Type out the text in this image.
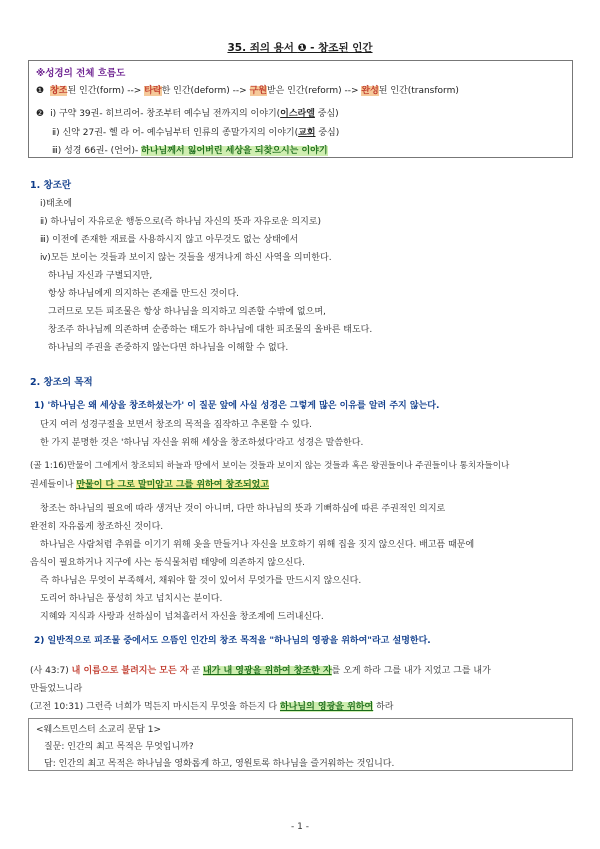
35. 죄의 용서 ❶ - 창조된 인간
※성경의 전체 흐름도
❶ 창조된 인간(form) --> 타락한 인간(deform) --> 구원받은 인간(reform) --> 완성된 인간(transform)
❷ ⅰ) 구약 39권- 히브리어- 창조부터 예수님 전까지의 이야기(이스라엘 중심)
ⅱ) 신약 27권- 헬 라 어- 예수님부터 인류의 종말가지의 이야기(교회 중심)
ⅲ) 성경 66권- (언어)- 하나님께서 잃어버린 세상을 되찾으시는 이야기
1. 창조란
ⅰ)태초에
ⅱ) 하나님이 자유로운 행동으로(즉 하나님 자신의 뜻과 자유로운 의지로)
ⅲ) 이전에 존재한 재료를 사용하시지 않고 아무것도 없는 상태에서
ⅳ)모든 보이는 것들과 보이지 않는 것들을 생겨나게 하신 사역을 의미한다.
하나님 자신과 구별되지만,
항상 하나님에게 의지하는 존재를 만드신 것이다.
그러므로 모든 피조물은 항상 하나님을 의지하고 의존할 수밖에 없으며,
창조주 하나님께 의존하며 순종하는 태도가 하나님에 대한 피조물의 올바른 태도다.
하나님의 주권을 존중하지 않는다면 하나님을 이해할 수 없다.
2. 창조의 목적
1) '하나님은 왜 세상을 창조하셨는가' 이 질문 앞에 사실 성경은 그렇게 많은 이유를 알려 주지 않는다.
단지 여러 성경구절을 보면서 창조의 목적을 짐작하고 추론할 수 있다.
한 가지 분명한 것은 '하나님 자신을 위해 세상을 창조하셨다'라고 성경은 말씀한다.
(골 1:16)만물이 그에게서 창조되되 하늘과 땅에서 보이는 것들과 보이지 않는 것들과 혹은 왕권들이나 주권들이나 통치자들이나
권세들이나 만물이 다 그로 말미암고 그를 위하여 창조되었고
창조는 하나님의 필요에 따라 생겨난 것이 아니며, 다만 하나님의 뜻과 기뻐하심에 따른 주권적인 의지로
완전히 자유롭게 창조하신 것이다.
하나님은 사람처럼 추위를 이기기 위해 옷을 만들거나 자신을 보호하기 위해 집을 짓지 않으신다. 배고픔 때문에
음식이 필요하거나 지구에 사는 동식물처럼 태양에 의존하지 않으신다.
즉 하나님은 무엇이 부족해서, 채워야 할 것이 있어서 무엇가를 만드시지 않으신다.
도리어 하나님은 풍성히 차고 넘치시는 분이다.
지혜와 지식과 사랑과 선하심이 넘쳐흘러서 자신을 창조계에 드러내신다.
2) 일반적으로 피조물 중에서도 으뜸인 인간의 창조 목적을 "하나님의 영광을 위하여"라고 설명한다.
(사 43:7) 내 이름으로 불려지는 모든 자 곧 내가 내 영광을 위하여 창조한 자를 오게 하라 그를 내가 지었고 그를 내가
만들었느니라
(고전 10:31) 그런즉 너희가 먹든지 마시든지 무엇을 하든지 다 하나님의 영광을 위하여 하라
<웨스트민스터 소교리 문답 1>
질문: 인간의 최고 목적은 무엇입니까?
답: 인간의 최고 목적은 하나님을 영화롭게 하고, 영원토록 하나님을 즐거워하는 것입니다.
- 1 -
